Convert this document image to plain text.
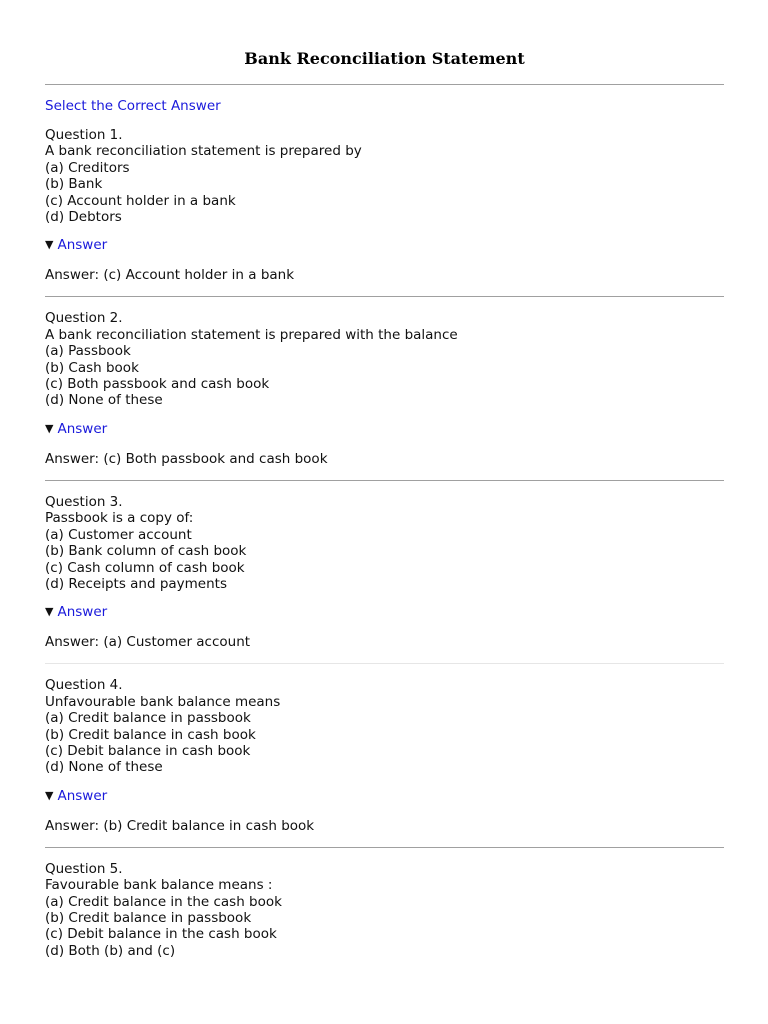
Bank Reconciliation Statement
Select the Correct Answer
Question 1.
A bank reconciliation statement is prepared by
(a) Creditors
(b) Bank
(c) Account holder in a bank
(d) Debtors
▼ Answer
Answer: (c) Account holder in a bank
Question 2.
A bank reconciliation statement is prepared with the balance
(a) Passbook
(b) Cash book
(c) Both passbook and cash book
(d) None of these
▼ Answer
Answer: (c) Both passbook and cash book
Question 3.
Passbook is a copy of:
(a) Customer account
(b) Bank column of cash book
(c) Cash column of cash book
(d) Receipts and payments
▼ Answer
Answer: (a) Customer account
Question 4.
Unfavourable bank balance means
(a) Credit balance in passbook
(b) Credit balance in cash book
(c) Debit balance in cash book
(d) None of these
▼ Answer
Answer: (b) Credit balance in cash book
Question 5.
Favourable bank balance means :
(a) Credit balance in the cash book
(b) Credit balance in passbook
(c) Debit balance in the cash book
(d) Both (b) and (c)
